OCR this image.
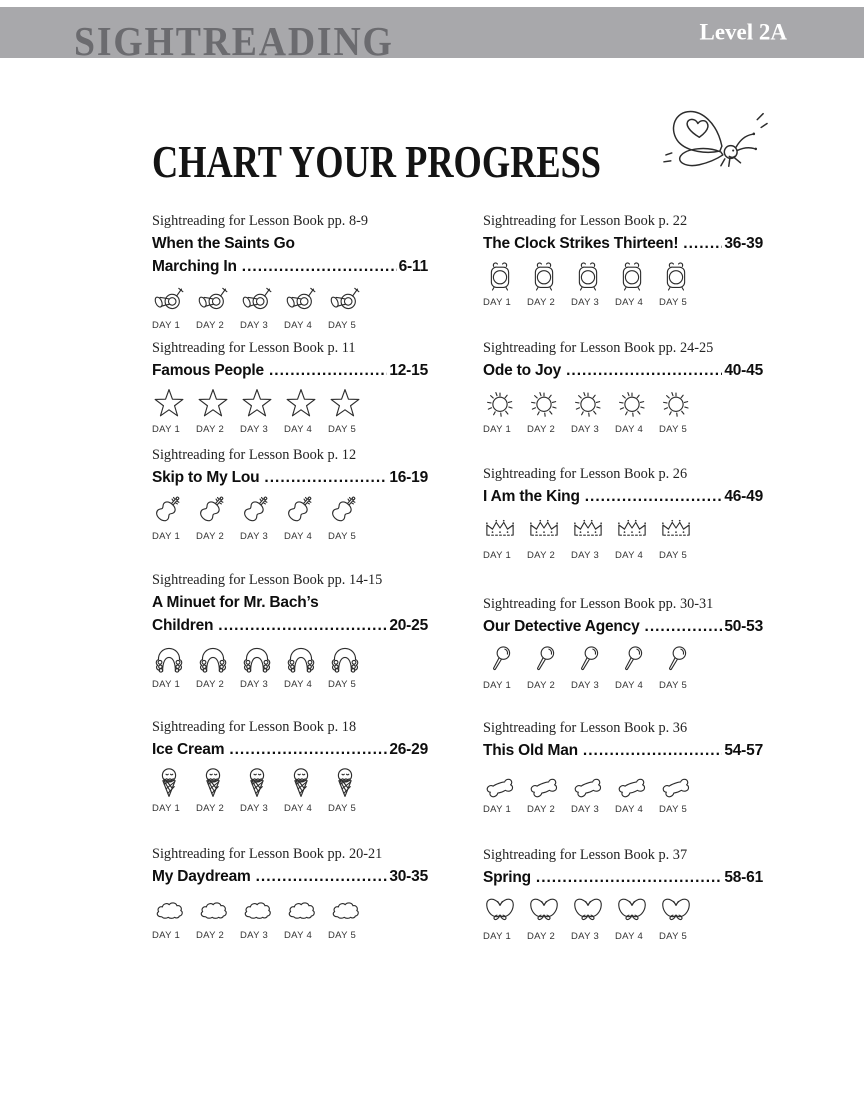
SIGHTREADING	Level 2A
CHART YOUR PROGRESS
Sightreading for Lesson Book pp. 8-9
When the Saints Go
Marching In .....	6-11
DAY 1 DAY 2 DAY 3 DAY 4 DAY 5
Sightreading for Lesson Book p. 11
Famous People .....	12-15
DAY 1 DAY 2 DAY 3 DAY 4 DAY 5
Sightreading for Lesson Book p. 12
Skip to My Lou .....	16-19
DAY 1 DAY 2 DAY 3 DAY 4 DAY 5
Sightreading for Lesson Book pp. 14-15
A Minuet for Mr. Bach’s
Children .....	20-25
DAY 1 DAY 2 DAY 3 DAY 4 DAY 5
Sightreading for Lesson Book p. 18
Ice Cream .....	26-29
DAY 1 DAY 2 DAY 3 DAY 4 DAY 5
Sightreading for Lesson Book pp. 20-21
My Daydream .....	30-35
DAY 1 DAY 2 DAY 3 DAY 4 DAY 5
Sightreading for Lesson Book p. 22
The Clock Strikes Thirteen! .....	36-39
DAY 1 DAY 2 DAY 3 DAY 4 DAY 5
Sightreading for Lesson Book pp. 24-25
Ode to Joy .....	40-45
DAY 1 DAY 2 DAY 3 DAY 4 DAY 5
Sightreading for Lesson Book p. 26
I Am the King .....	46-49
DAY 1 DAY 2 DAY 3 DAY 4 DAY 5
Sightreading for Lesson Book pp. 30-31
Our Detective Agency .....	50-53
DAY 1 DAY 2 DAY 3 DAY 4 DAY 5
Sightreading for Lesson Book p. 36
This Old Man .....	54-57
DAY 1 DAY 2 DAY 3 DAY 4 DAY 5
Sightreading for Lesson Book p. 37
Spring .....	58-61
DAY 1 DAY 2 DAY 3 DAY 4 DAY 5
